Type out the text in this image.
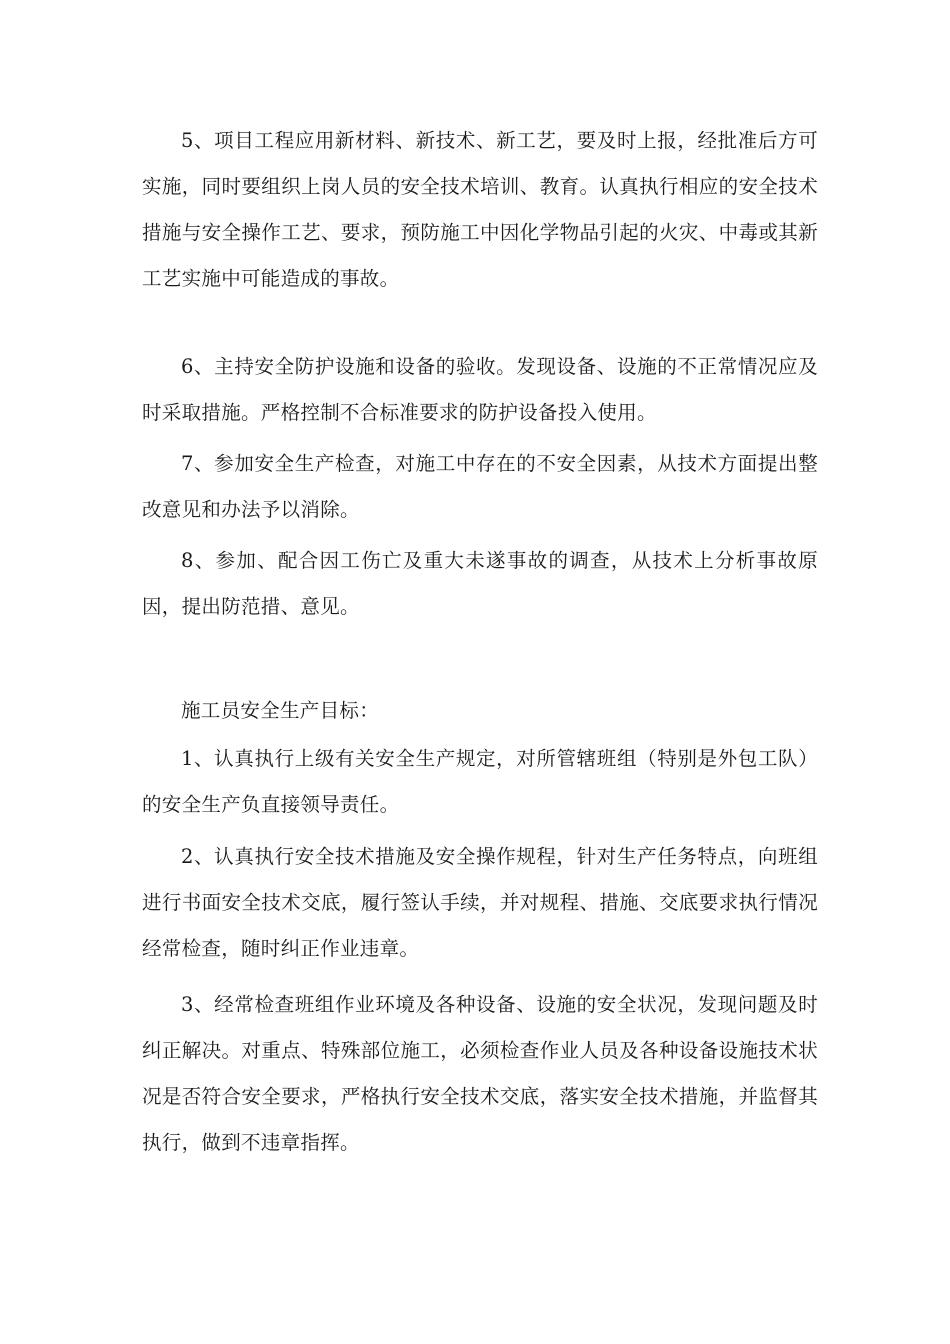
5、项目工程应用新材料、新技术、新工艺，要及时上报，经批准后方可实施，同时要组织上岗人员的安全技术培训、教育。认真执行相应的安全技术措施与安全操作工艺、要求，预防施工中因化学物品引起的火灾、中毒或其新工艺实施中可能造成的事故。

6、主持安全防护设施和设备的验收。发现设备、设施的不正常情况应及时采取措施。严格控制不合标准要求的防护设备投入使用。

7、参加安全生产检查，对施工中存在的不安全因素，从技术方面提出整改意见和办法予以消除。

8、参加、配合因工伤亡及重大未遂事故的调查，从技术上分析事故原因，提出防范措、意见。

施工员安全生产目标：

1、认真执行上级有关安全生产规定，对所管辖班组（特别是外包工队）的安全生产负直接领导责任。

2、认真执行安全技术措施及安全操作规程，针对生产任务特点，向班组进行书面安全技术交底，履行签认手续，并对规程、措施、交底要求执行情况经常检查，随时纠正作业违章。

3、经常检查班组作业环境及各种设备、设施的安全状况，发现问题及时纠正解决。对重点、特殊部位施工，必须检查作业人员及各种设备设施技术状况是否符合安全要求，严格执行安全技术交底，落实安全技术措施，并监督其执行，做到不违章指挥。
